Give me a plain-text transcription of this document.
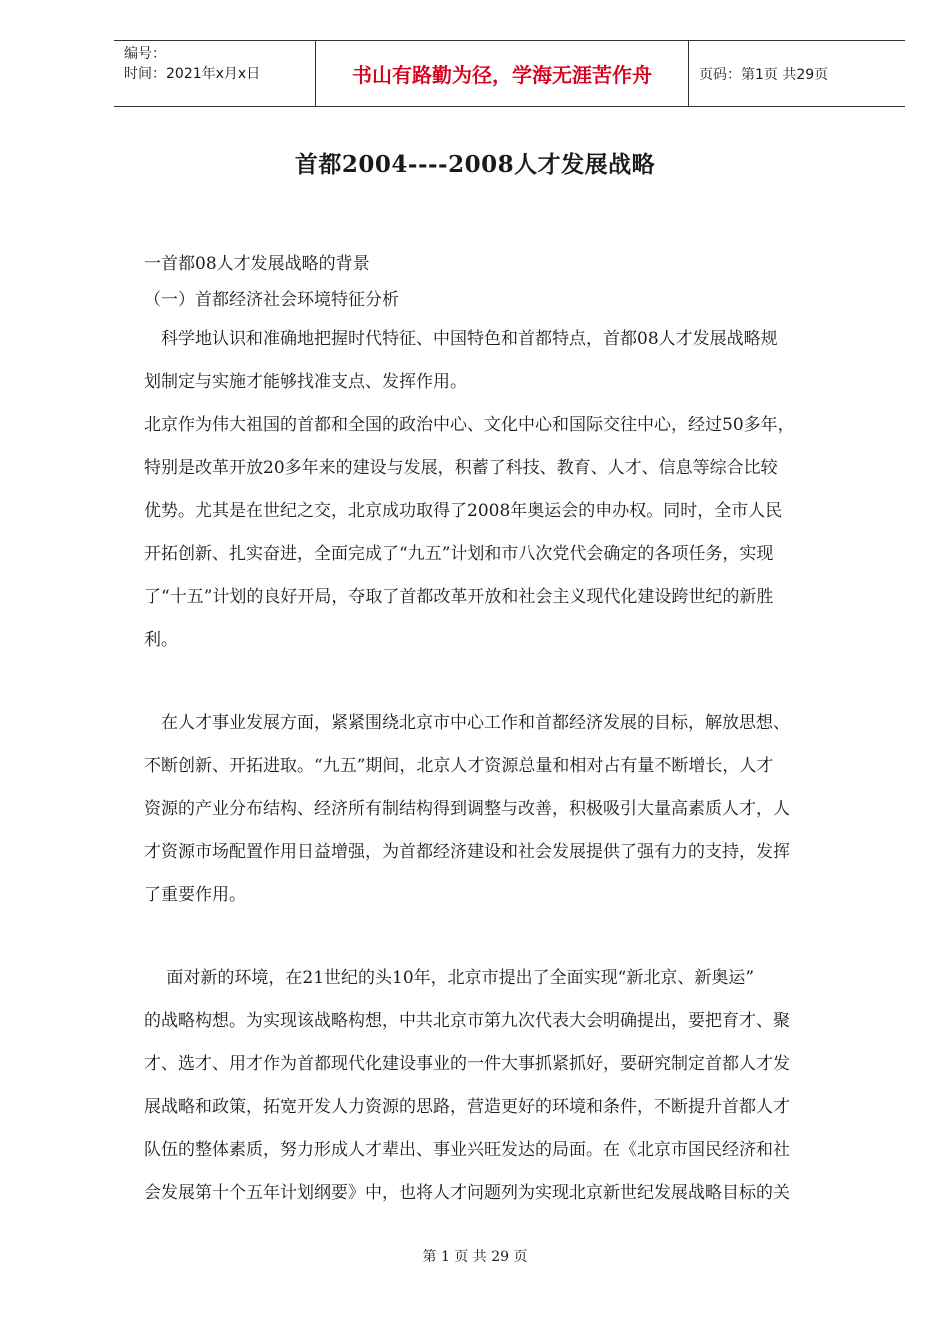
编号：
时间：2021年x月x日	书山有路勤为径，学海无涯苦作舟	页码：第1页 共29页
首都2004----2008人才发展战略
一首都08人才发展战略的背景
（一）首都经济社会环境特征分析
　科学地认识和准确地把握时代特征、中国特色和首都特点，首都08人才发展战略规
划制定与实施才能够找准支点、发挥作用。
北京作为伟大祖国的首都和全国的政治中心、文化中心和国际交往中心，经过50多年，
特别是改革开放20多年来的建设与发展，积蓄了科技、教育、人才、信息等综合比较
优势。尤其是在世纪之交，北京成功取得了2008年奥运会的申办权。同时，全市人民
开拓创新、扎实奋进，全面完成了“九五”计划和市八次党代会确定的各项任务，实现
了“十五”计划的良好开局，夺取了首都改革开放和社会主义现代化建设跨世纪的新胜
利。
　在人才事业发展方面，紧紧围绕北京市中心工作和首都经济发展的目标，解放思想、
不断创新、开拓进取。“九五”期间，北京人才资源总量和相对占有量不断增长，人才
资源的产业分布结构、经济所有制结构得到调整与改善，积极吸引大量高素质人才，人
才资源市场配置作用日益增强，为首都经济建设和社会发展提供了强有力的支持，发挥
了重要作用。
　 面对新的环境，在21世纪的头10年，北京市提出了全面实现“新北京、新奥运”
的战略构想。为实现该战略构想，中共北京市第九次代表大会明确提出，要把育才、聚
才、选才、用才作为首都现代化建设事业的一件大事抓紧抓好，要研究制定首都人才发
展战略和政策，拓宽开发人力资源的思路，营造更好的环境和条件，不断提升首都人才
队伍的整体素质，努力形成人才辈出、事业兴旺发达的局面。在《北京市国民经济和社
会发展第十个五年计划纲要》中，也将人才问题列为实现北京新世纪发展战略目标的关
第 1 页 共 29 页
